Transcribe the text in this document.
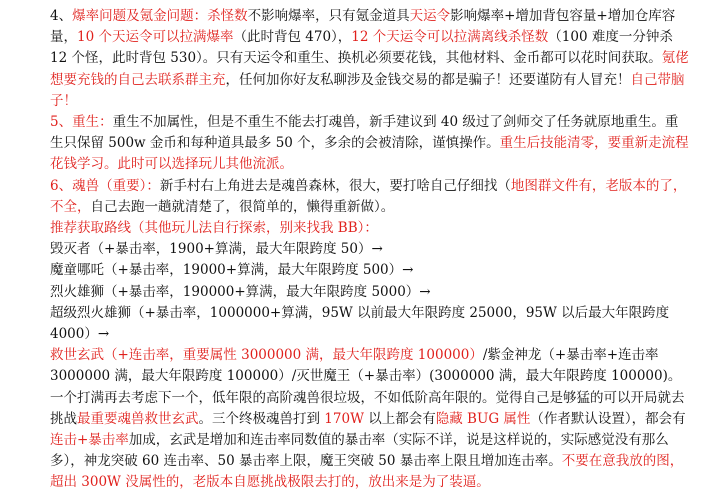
4、爆率问题及氪金问题：杀怪数不影响爆率，只有氪金道具天运令影响爆率+增加背包容量+增加仓库容量，10 个天运令可以拉满爆率（此时背包 470），12 个天运令可以拉满离线杀怪数（100 难度一分钟杀 12 个怪，此时背包 530）。只有天运令和重生、换机必须要花钱，其他材料、金币都可以花时间获取。氪佬想要充钱的自己去联系群主充，任何加你好友私聊涉及金钱交易的都是骗子！还要谨防有人冒充！自己带脑子！

5、重生：重生不加属性，但是不重生不能去打魂兽，新手建议到 40 级过了剑师交了任务就原地重生。重生只保留 500w 金币和每种道具最多 50 个，多余的会被清除，谨慎操作。重生后技能清零，要重新走流程花钱学习。此时可以选择玩儿其他流派。

6、魂兽（重要）：新手村右上角进去是魂兽森林，很大，要打啥自己仔细找（地图群文件有，老版本的了，不全，自己去跑一趟就清楚了，很简单的，懒得重新做）。

推荐获取路线（其他玩儿法自行探索，别来找我 BB）：

毁灭者（+暴击率，1900+算满，最大年限跨度 50）→

魔童哪吒（+暴击率，19000+算满，最大年限跨度 500）→

烈火雄狮（+暴击率，190000+算满，最大年限跨度 5000）→

超级烈火雄狮（+暴击率，1000000+算满，95W 以前最大年限跨度 25000，95W 以后最大年限跨度 4000）→

救世玄武（+连击率，重要属性 3000000 满，最大年限跨度 100000）/紫金神龙（+暴击率+连击率 3000000 满，最大年限跨度 100000）/灭世魔王（+暴击率）(3000000 满，最大年限跨度 100000)。一个打满再去考虑下一个，低年限的高阶魂兽很垃圾，不如低阶高年限的。觉得自己是够猛的可以开局就去挑战最重要魂兽救世玄武。三个终极魂兽打到 170W 以上都会有隐藏 BUG 属性（作者默认设置），都会有连击+暴击率加成，玄武是增加和连击率同数值的暴击率（实际不详，说是这样说的，实际感觉没有那么多），神龙突破 60 连击率、50 暴击率上限，魔王突破 50 暴击率上限且增加连击率。不要在意我放的图，超出 300W 没属性的，老版本自愿挑战极限去打的，放出来是为了装逼。
